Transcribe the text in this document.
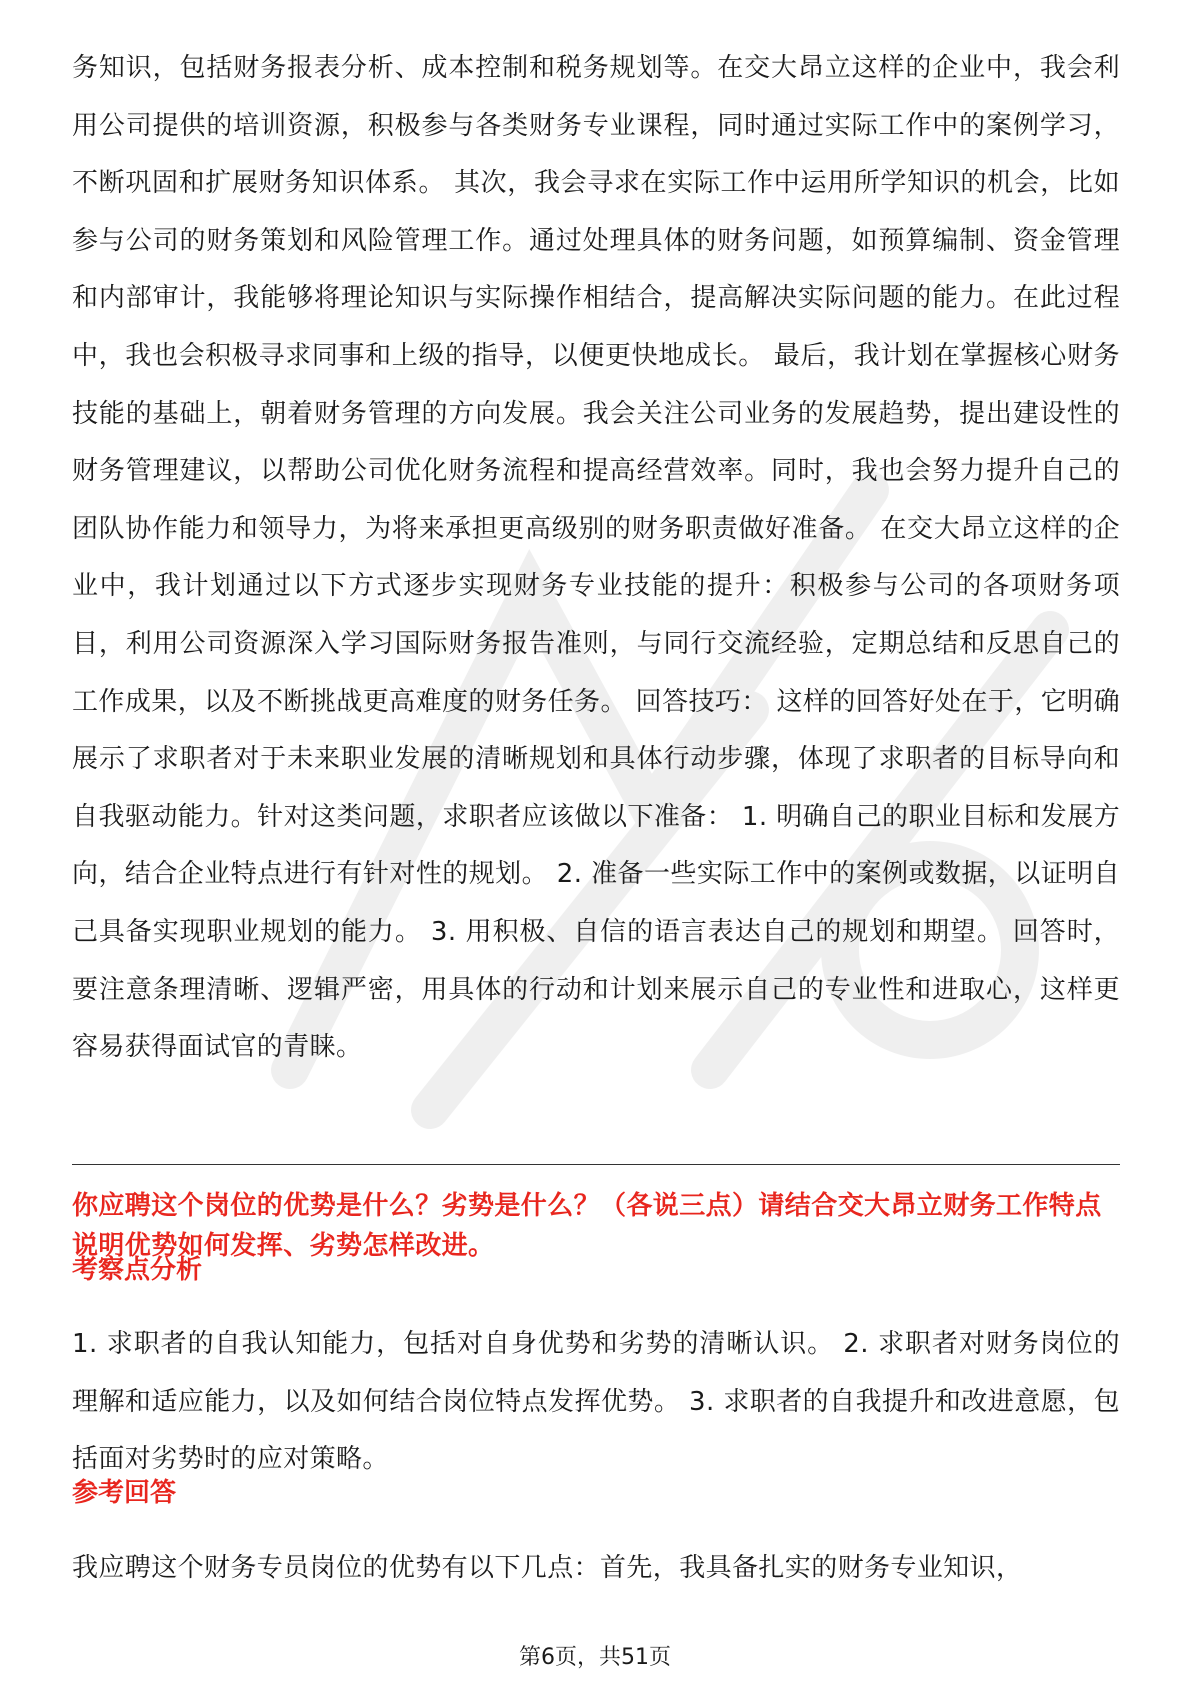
务知识，包括财务报表分析、成本控制和税务规划等。在交大昂立这样的企业中，我会利用公司提供的培训资源，积极参与各类财务专业课程，同时通过实际工作中的案例学习，不断巩固和扩展财务知识体系。 其次，我会寻求在实际工作中运用所学知识的机会，比如参与公司的财务策划和风险管理工作。通过处理具体的财务问题，如预算编制、资金管理和内部审计，我能够将理论知识与实际操作相结合，提高解决实际问题的能力。在此过程中，我也会积极寻求同事和上级的指导，以便更快地成长。 最后，我计划在掌握核心财务技能的基础上，朝着财务管理的方向发展。我会关注公司业务的发展趋势，提出建设性的财务管理建议，以帮助公司优化财务流程和提高经营效率。同时，我也会努力提升自己的团队协作能力和领导力，为将来承担更高级别的财务职责做好准备。 在交大昂立这样的企业中，我计划通过以下方式逐步实现财务专业技能的提升：积极参与公司的各项财务项目，利用公司资源深入学习国际财务报告准则，与同行交流经验，定期总结和反思自己的工作成果，以及不断挑战更高难度的财务任务。 回答技巧： 这样的回答好处在于，它明确展示了求职者对于未来职业发展的清晰规划和具体行动步骤，体现了求职者的目标导向和自我驱动能力。针对这类问题，求职者应该做以下准备： 1. 明确自己的职业目标和发展方向，结合企业特点进行有针对性的规划。 2. 准备一些实际工作中的案例或数据，以证明自己具备实现职业规划的能力。 3. 用积极、自信的语言表达自己的规划和期望。 回答时，要注意条理清晰、逻辑严密，用具体的行动和计划来展示自己的专业性和进取心，这样更容易获得面试官的青睐。

你应聘这个岗位的优势是什么？劣势是什么？（各说三点）请结合交大昂立财务工作特点说明优势如何发挥、劣势怎样改进。

考察点分析

1. 求职者的自我认知能力，包括对自身优势和劣势的清晰认识。 2. 求职者对财务岗位的理解和适应能力，以及如何结合岗位特点发挥优势。 3. 求职者的自我提升和改进意愿，包括面对劣势时的应对策略。

参考回答

我应聘这个财务专员岗位的优势有以下几点：首先，我具备扎实的财务专业知识，

第6页，共51页
